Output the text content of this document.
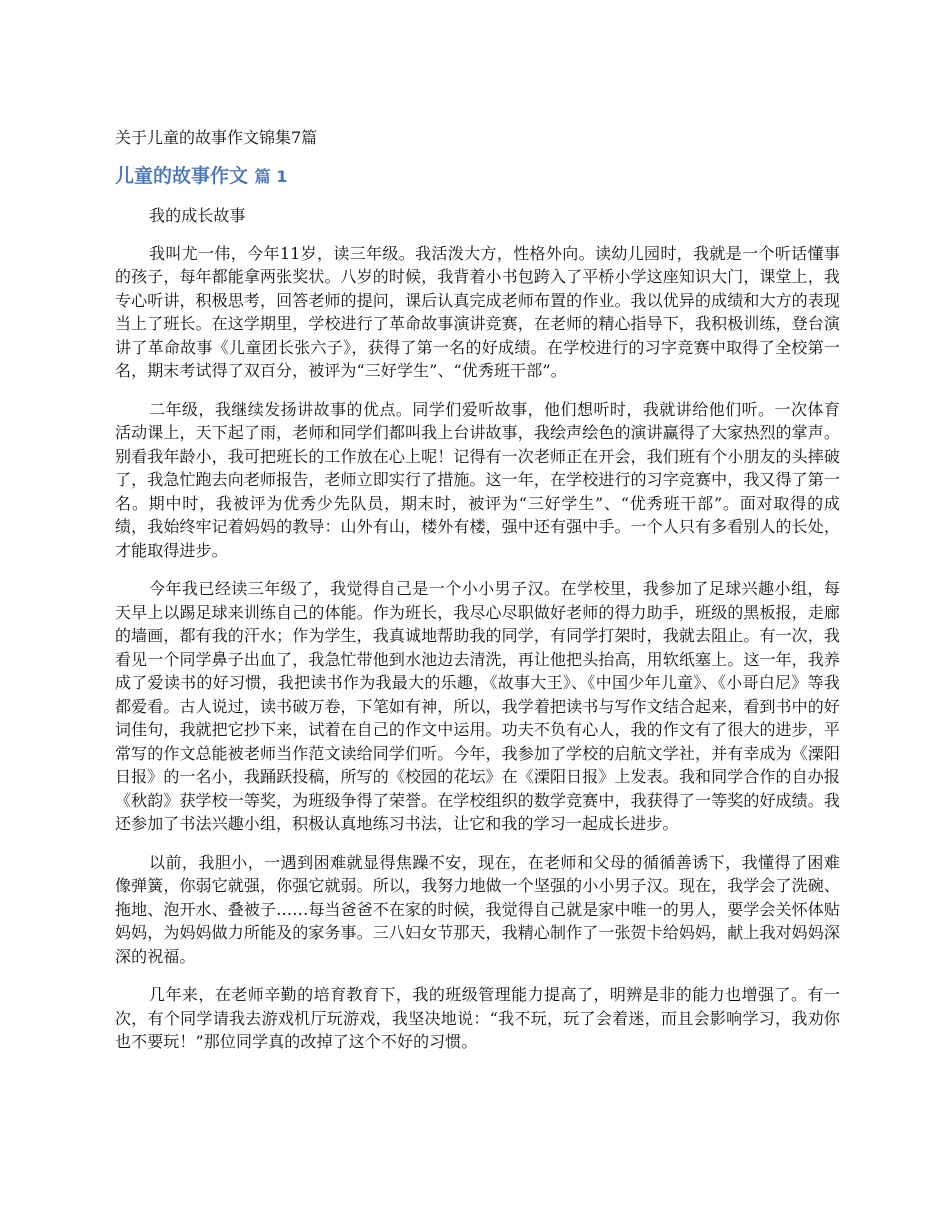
关于儿童的故事作文锦集7篇

儿童的故事作文 篇 1

我的成长故事

我叫尤一伟，今年11岁，读三年级。我活泼大方，性格外向。读幼儿园时，我就是一个听话懂事的孩子，每年都能拿两张奖状。八岁的时候，我背着小书包跨入了平桥小学这座知识大门，课堂上，我专心听讲，积极思考，回答老师的提问，课后认真完成老师布置的作业。我以优异的成绩和大方的表现当上了班长。在这学期里，学校进行了革命故事演讲竞赛，在老师的精心指导下，我积极训练，登台演讲了革命故事《儿童团长张六子》，获得了第一名的好成绩。在学校进行的习字竞赛中取得了全校第一名，期末考试得了双百分，被评为“三好学生”、“优秀班干部”。

二年级，我继续发扬讲故事的优点。同学们爱听故事，他们想听时，我就讲给他们听。一次体育活动课上，天下起了雨，老师和同学们都叫我上台讲故事，我绘声绘色的演讲赢得了大家热烈的掌声。别看我年龄小，我可把班长的工作放在心上呢！记得有一次老师正在开会，我们班有个小朋友的头摔破了，我急忙跑去向老师报告，老师立即实行了措施。这一年，在学校进行的习字竞赛中，我又得了第一名。期中时，我被评为优秀少先队员，期末时，被评为“三好学生”、“优秀班干部”。面对取得的成绩，我始终牢记着妈妈的教导：山外有山，楼外有楼，强中还有强中手。一个人只有多看别人的长处，才能取得进步。

今年我已经读三年级了，我觉得自己是一个小小男子汉。在学校里，我参加了足球兴趣小组，每天早上以踢足球来训练自己的体能。作为班长，我尽心尽职做好老师的得力助手，班级的黑板报，走廊的墙画，都有我的汗水；作为学生，我真诚地帮助我的同学，有同学打架时，我就去阻止。有一次，我看见一个同学鼻子出血了，我急忙带他到水池边去清洗，再让他把头抬高，用软纸塞上。这一年，我养成了爱读书的好习惯，我把读书作为我最大的乐趣，《故事大王》、《中国少年儿童》、《小哥白尼》等我都爱看。古人说过，读书破万卷，下笔如有神，所以，我学着把读书与写作文结合起来，看到书中的好词佳句，我就把它抄下来，试着在自己的作文中运用。功夫不负有心人，我的作文有了很大的进步，平常写的作文总能被老师当作范文读给同学们听。今年，我参加了学校的启航文学社，并有幸成为《溧阳日报》的一名小，我踊跃投稿，所写的《校园的花坛》在《溧阳日报》上发表。我和同学合作的自办报《秋韵》获学校一等奖，为班级争得了荣誉。在学校组织的数学竞赛中，我获得了一等奖的好成绩。我还参加了书法兴趣小组，积极认真地练习书法，让它和我的学习一起成长进步。

以前，我胆小，一遇到困难就显得焦躁不安，现在，在老师和父母的循循善诱下，我懂得了困难像弹簧，你弱它就强，你强它就弱。所以，我努力地做一个坚强的小小男子汉。现在，我学会了洗碗、拖地、泡开水、叠被子……每当爸爸不在家的时候，我觉得自己就是家中唯一的男人，要学会关怀体贴妈妈，为妈妈做力所能及的家务事。三八妇女节那天，我精心制作了一张贺卡给妈妈，献上我对妈妈深深的祝福。

几年来，在老师辛勤的培育教育下，我的班级管理能力提高了，明辨是非的能力也增强了。有一次，有个同学请我去游戏机厅玩游戏，我坚决地说：“我不玩，玩了会着迷，而且会影响学习，我劝你也不要玩！”那位同学真的改掉了这个不好的习惯。
